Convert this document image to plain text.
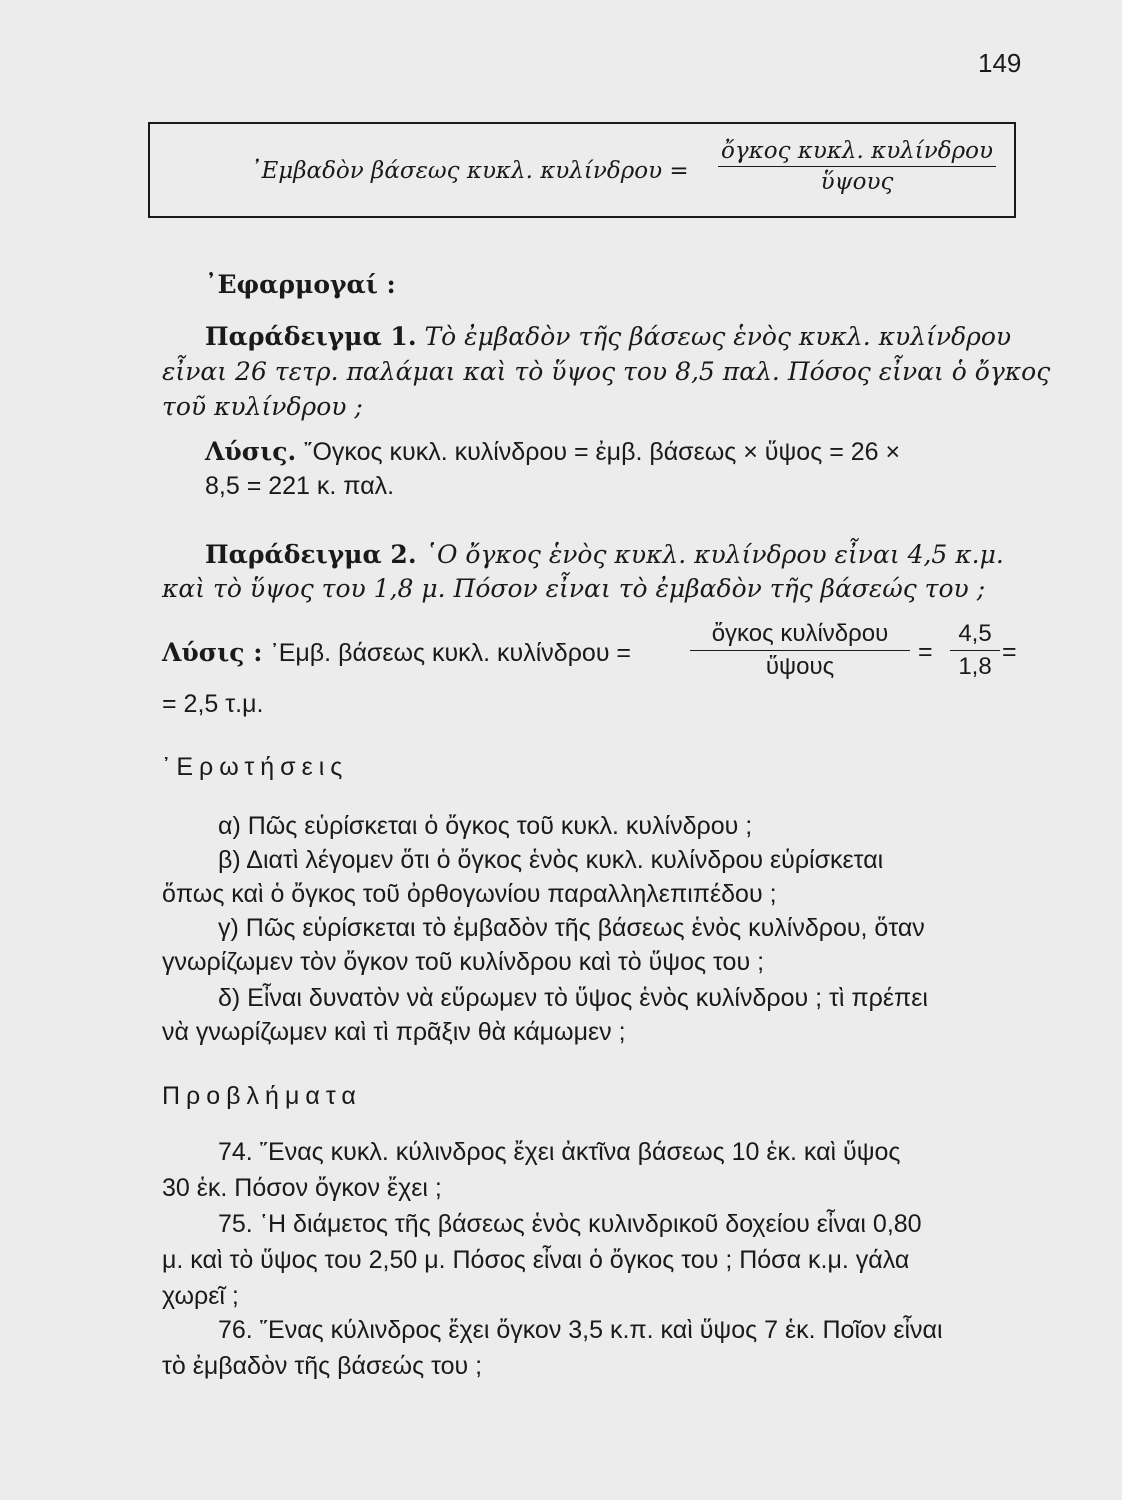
149
᾿Εμβαδὸν βάσεως κυκλ. κυλίνδρου =
ὄγκος κυκλ. κυλίνδρου
ὕψους
᾿Εφαρμογαί :
Παράδειγμα 1. Τὸ ἐμβαδὸν τῆς βάσεως ἑνὸς κυκλ. κυλίνδρου
εἶναι 26 τετρ. παλάμαι καὶ τὸ ὕψος του 8,5 παλ. Πόσος εἶναι ὁ ὄγκος
τοῦ κυλίνδρου ;
Λύσις. ῎Ογκος κυκλ. κυλίνδρου = ἐμβ. βάσεως × ὕψος = 26 ×
8,5 = 221 κ. παλ.
Παράδειγμα 2. ῾Ο ὄγκος ἑνὸς κυκλ. κυλίνδρου εἶναι 4,5 κ.μ.
καὶ τὸ ὕψος του 1,8 μ. Πόσον εἶναι τὸ ἐμβαδὸν τῆς βάσεώς του ;
Λύσις : ᾿Εμβ. βάσεως κυκλ. κυλίνδρου =
ὄγκος κυλίνδρου
ὕψους
= $\frac{4,5}{1,8}$ =
= 2,5 τ.μ.
᾿Ερωτήσεις
α) Πῶς εὑρίσκεται ὁ ὄγκος τοῦ κυκλ. κυλίνδρου ;
β) Διατὶ λέγομεν ὅτι ὁ ὄγκος ἑνὸς κυκλ. κυλίνδρου εὑρίσκεται
ὅπως καὶ ὁ ὄγκος τοῦ ὀρθογωνίου παραλληλεπιπέδου ;
γ) Πῶς εὑρίσκεται τὸ ἐμβαδὸν τῆς βάσεως ἑνὸς κυλίνδρου, ὅταν
γνωρίζωμεν τὸν ὄγκον τοῦ κυλίνδρου καὶ τὸ ὕψος του ;
δ) Εἶναι δυνατὸν νὰ εὕρωμεν τὸ ὕψος ἑνὸς κυλίνδρου ; τὶ πρέπει
νὰ γνωρίζωμεν καὶ τὶ πρᾶξιν θὰ κάμωμεν ;
Προβλήματα
74. ῞Ενας κυκλ. κύλινδρος ἔχει ἀκτῖνα βάσεως 10 ἑκ. καὶ ὕψος
30 ἑκ. Πόσον ὄγκον ἔχει ;
75. ῾Η διάμετος τῆς βάσεως ἑνὸς κυλινδρικοῦ δοχείου εἶναι 0,80
μ. καὶ τὸ ὕψος του 2,50 μ. Πόσος εἶναι ὁ ὄγκος του ; Πόσα κ.μ. γάλα
χωρεῖ ;
76. ῞Ενας κύλινδρος ἔχει ὄγκον 3,5 κ.π. καὶ ὕψος 7 ἑκ. Ποῖον εἶναι
τὸ ἐμβαδὸν τῆς βάσεώς του ;
